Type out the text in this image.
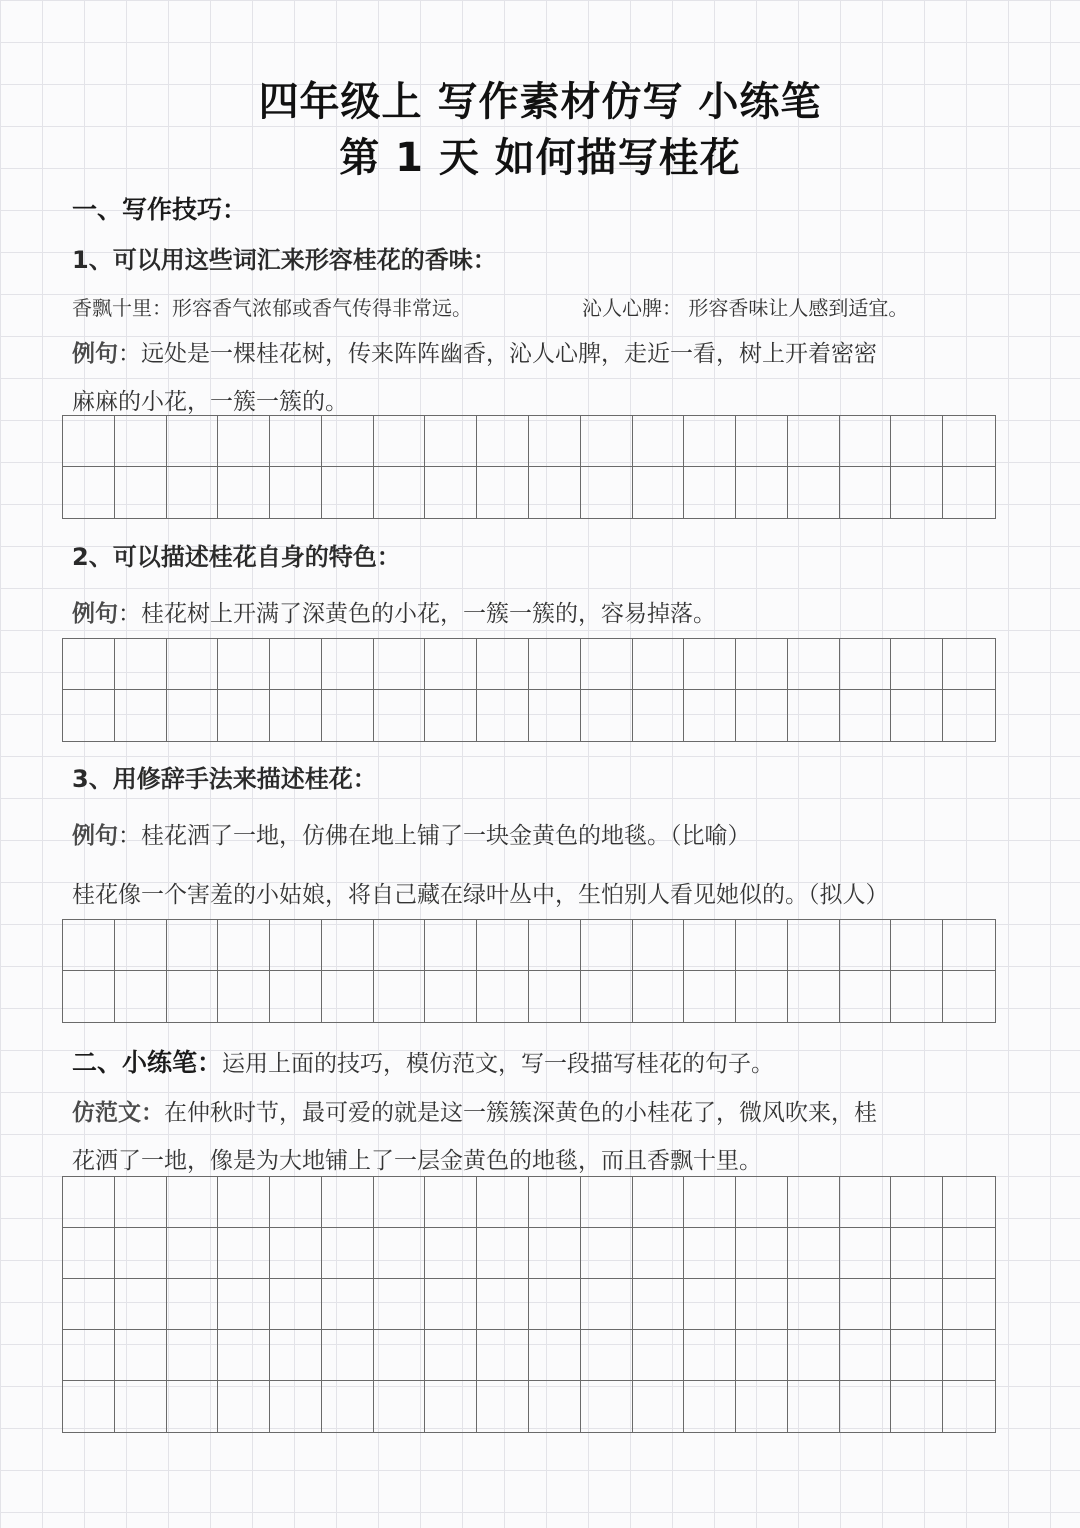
四年级上 写作素材仿写 小练笔
第 1 天 如何描写桂花
一、写作技巧：
1、可以用这些词汇来形容桂花的香味：
香飘十里：形容香气浓郁或香气传得非常远。	沁人心脾： 形容香味让人感到适宜。
例句：远处是一棵桂花树，传来阵阵幽香，沁人心脾，走近一看，树上开着密密
麻麻的小花，一簇一簇的。
2、可以描述桂花自身的特色：
例句：桂花树上开满了深黄色的小花，一簇一簇的，容易掉落。
3、用修辞手法来描述桂花：
例句：桂花洒了一地，仿佛在地上铺了一块金黄色的地毯。（比喻）
桂花像一个害羞的小姑娘，将自己藏在绿叶丛中，生怕别人看见她似的。（拟人）
二、小练笔：运用上面的技巧，模仿范文，写一段描写桂花的句子。
仿范文：在仲秋时节，最可爱的就是这一簇簇深黄色的小桂花了，微风吹来，桂
花洒了一地，像是为大地铺上了一层金黄色的地毯，而且香飘十里。
